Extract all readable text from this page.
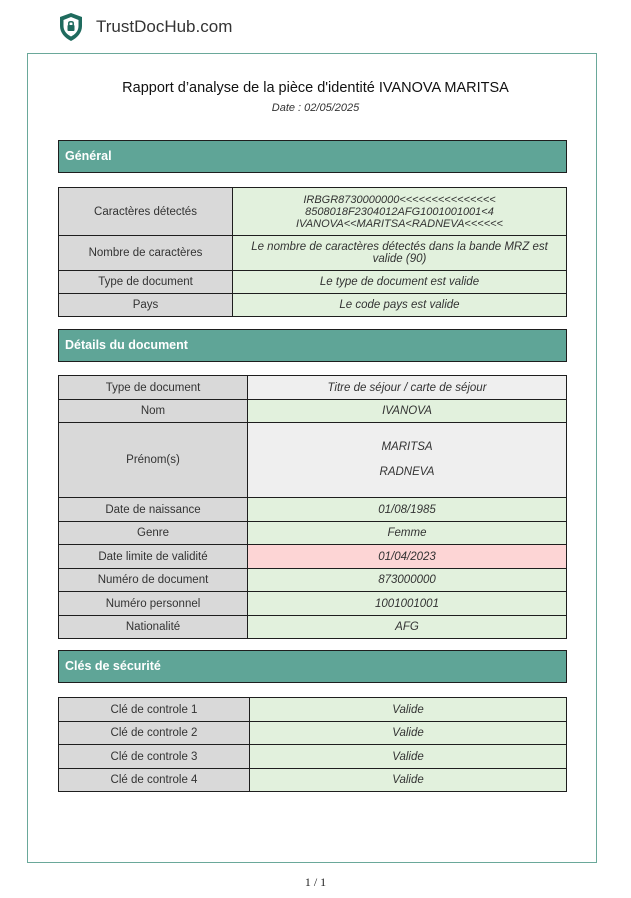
TrustDocHub.com
Rapport d’analyse de la pièce d'identité IVANOVA MARITSA
Date : 02/05/2025
Général
Caractères détectés	IRBGR8730000000<<<<<<<<<<<<<<<
8508018F2304012AFG1001001001<4
IVANOVA<<MARITSA<RADNEVA<<<<<<

Nombre de caractères	Le nombre de caractères détectés dans la bande MRZ est valide (90)
Type de document	Le type de document est valide
Pays	Le code pays est valide
Détails du document
Type de document	Titre de séjour / carte de séjour
Nom	IVANOVA
Prénom(s)	MARITSA
RADNEVA

Date de naissance	01/08/1985
Genre	Femme
Date limite de validité	01/04/2023
Numéro de document	873000000
Numéro personnel	1001001001
Nationalité	AFG
Clés de sécurité
Clé de controle 1	Valide
Clé de controle 2	Valide
Clé de controle 3	Valide
Clé de controle 4	Valide
1 / 1
